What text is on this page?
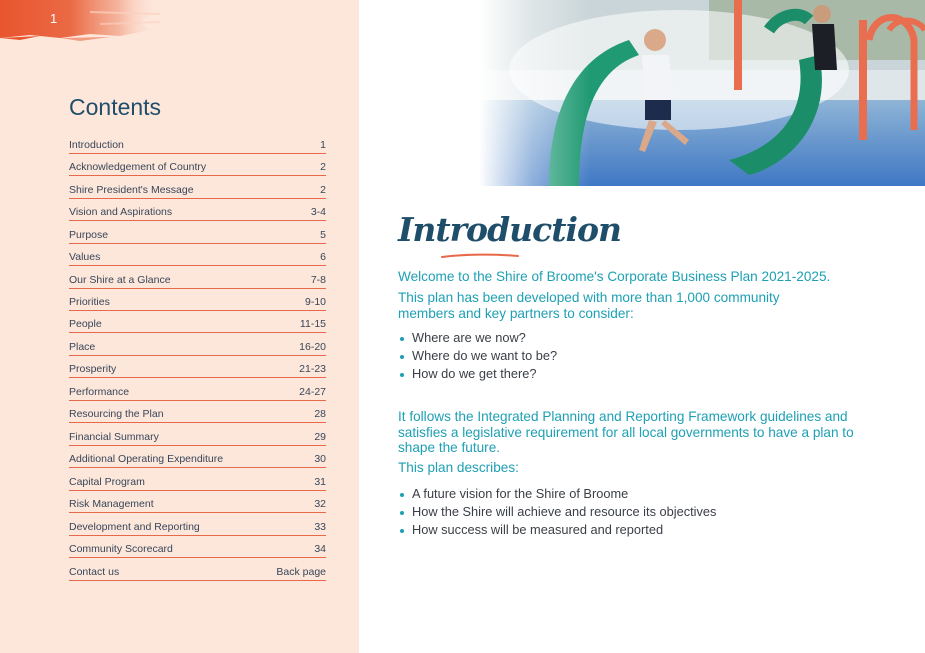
1
Contents
Introduction	1
Acknowledgement of Country	2
Shire President's Message	2
Vision and Aspirations	3-4
Purpose	5
Values	6
Our Shire at a Glance	7-8
Priorities	9-10
People	11-15
Place	16-20
Prosperity	21-23
Performance	24-27
Resourcing the Plan	28
Financial Summary	29
Additional Operating Expenditure	30
Capital Program	31
Risk Management	32
Development and Reporting	33
Community Scorecard	34
Contact us	Back page
Introduction

Welcome to the Shire of Broome's Corporate Business Plan 2021-2025.

This plan has been developed with more than 1,000 community members and key partners to consider:

Where are we now?
Where do we want to be?
How do we get there?

It follows the Integrated Planning and Reporting Framework guidelines and satisfies a legislative requirement for all local governments to have a plan to shape the future.

This plan describes:

A future vision for the Shire of Broome
How the Shire will achieve and resource its objectives
How success will be measured and reported
